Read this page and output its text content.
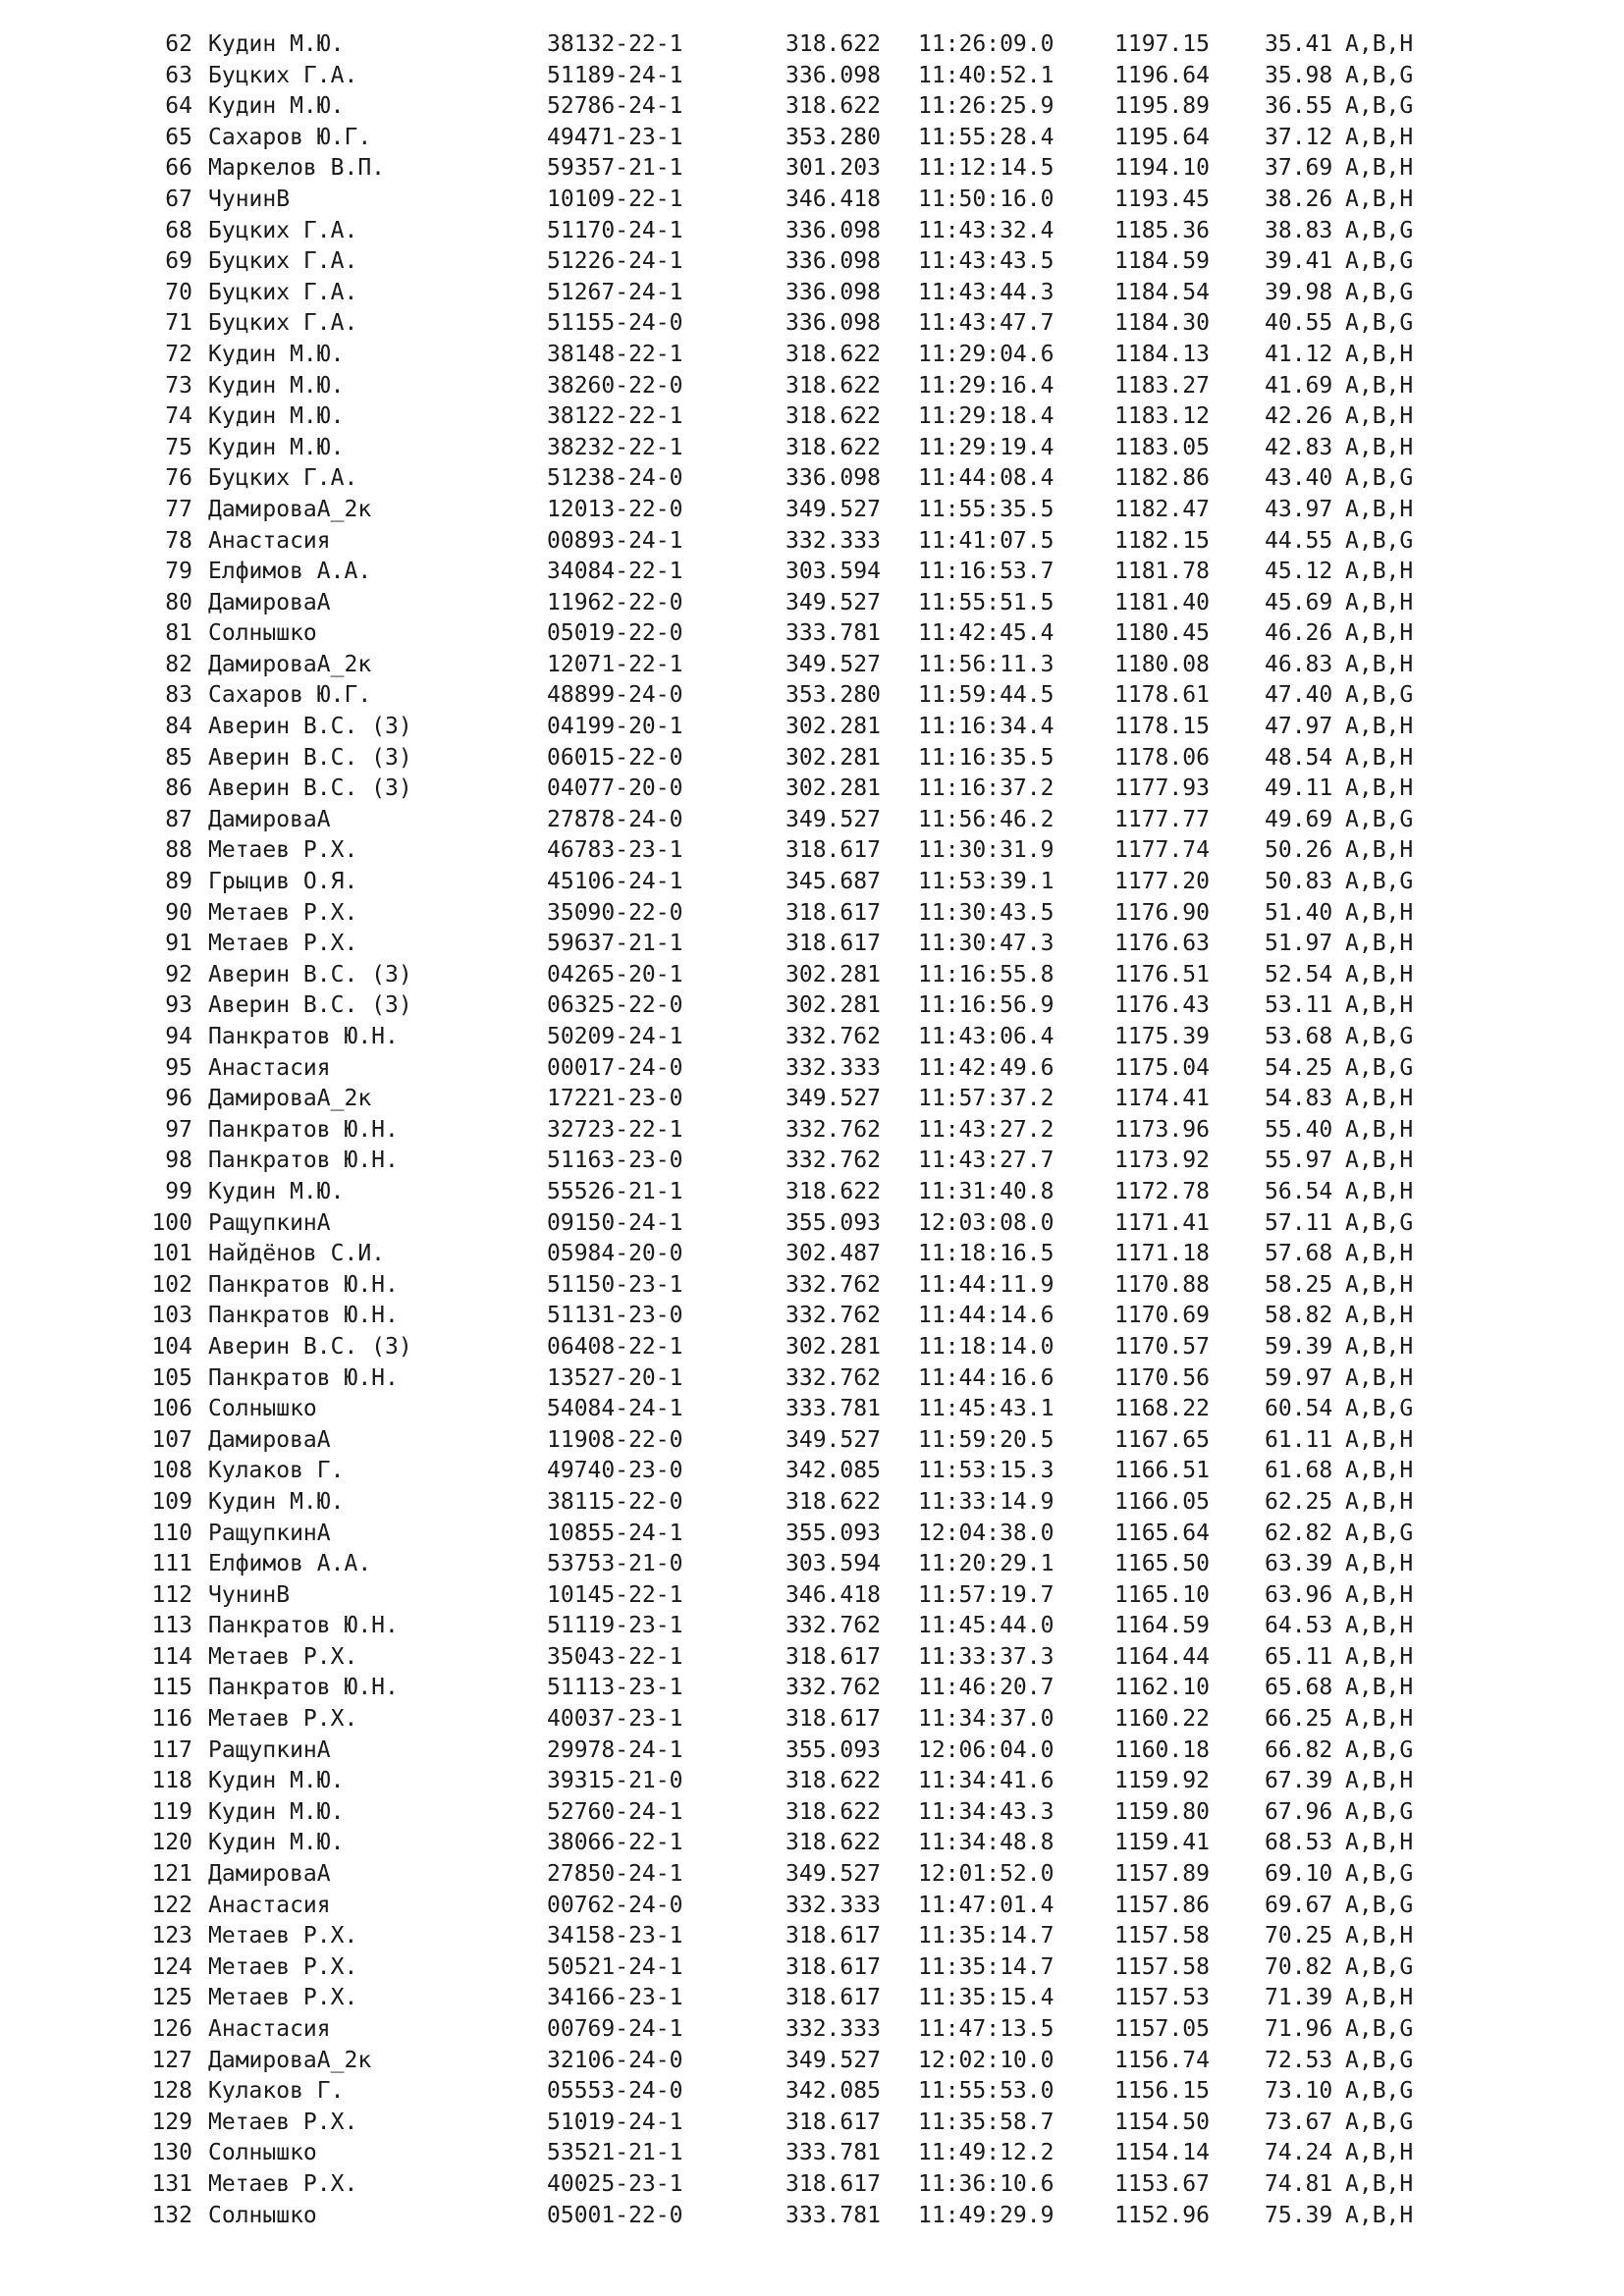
62 Кудин М.Ю.	38132-22-1	318.622 11:26:09.0	1197.15 35.41 A,B,H
63 Буцких Г.А.	51189-24-1	336.098 11:40:52.1	1196.64 35.98 A,B,G
64 Кудин М.Ю.	52786-24-1	318.622 11:26:25.9	1195.89 36.55 A,B,G
65 Сахаров Ю.Г.	49471-23-1	353.280 11:55:28.4	1195.64 37.12 A,B,H
66 Маркелов В.П.	59357-21-1	301.203 11:12:14.5	1194.10 37.69 A,B,H
67 ЧунинВ	10109-22-1	346.418 11:50:16.0	1193.45 38.26 A,B,H
68 Буцких Г.А.	51170-24-1	336.098 11:43:32.4	1185.36 38.83 A,B,G
69 Буцких Г.А.	51226-24-1	336.098 11:43:43.5	1184.59 39.41 A,B,G
70 Буцких Г.А.	51267-24-1	336.098 11:43:44.3	1184.54 39.98 A,B,G
71 Буцких Г.А.	51155-24-0	336.098 11:43:47.7	1184.30 40.55 A,B,G
72 Кудин М.Ю.	38148-22-1	318.622 11:29:04.6	1184.13 41.12 A,B,H
73 Кудин М.Ю.	38260-22-0	318.622 11:29:16.4	1183.27 41.69 A,B,H
74 Кудин М.Ю.	38122-22-1	318.622 11:29:18.4	1183.12 42.26 A,B,H
75 Кудин М.Ю.	38232-22-1	318.622 11:29:19.4	1183.05 42.83 A,B,H
76 Буцких Г.А.	51238-24-0	336.098 11:44:08.4	1182.86 43.40 A,B,G
77 ДамироваА_2к	12013-22-0	349.527 11:55:35.5	1182.47 43.97 A,B,H
78 Анастасия	00893-24-1	332.333 11:41:07.5	1182.15 44.55 A,B,G
79 Елфимов А.А.	34084-22-1	303.594 11:16:53.7	1181.78 45.12 A,B,H
80 ДамироваА	11962-22-0	349.527 11:55:51.5	1181.40 45.69 A,B,H
81 Солнышко	05019-22-0	333.781 11:42:45.4	1180.45 46.26 A,B,H
82 ДамироваА_2к	12071-22-1	349.527 11:56:11.3	1180.08 46.83 A,B,H
83 Сахаров Ю.Г.	48899-24-0	353.280 11:59:44.5	1178.61 47.40 A,B,G
84 Аверин В.С. (З)	04199-20-1	302.281 11:16:34.4	1178.15 47.97 A,B,H
85 Аверин В.С. (З)	06015-22-0	302.281 11:16:35.5	1178.06 48.54 A,B,H
86 Аверин В.С. (З)	04077-20-0	302.281 11:16:37.2	1177.93 49.11 A,B,H
87 ДамироваА	27878-24-0	349.527 11:56:46.2	1177.77 49.69 A,B,G
88 Метаев Р.Х.	46783-23-1	318.617 11:30:31.9	1177.74 50.26 A,B,H
89 Грыцив О.Я.	45106-24-1	345.687 11:53:39.1	1177.20 50.83 A,B,G
90 Метаев Р.Х.	35090-22-0	318.617 11:30:43.5	1176.90 51.40 A,B,H
91 Метаев Р.Х.	59637-21-1	318.617 11:30:47.3	1176.63 51.97 A,B,H
92 Аверин В.С. (З)	04265-20-1	302.281 11:16:55.8	1176.51 52.54 A,B,H
93 Аверин В.С. (З)	06325-22-0	302.281 11:16:56.9	1176.43 53.11 A,B,H
94 Панкратов Ю.Н.	50209-24-1	332.762 11:43:06.4	1175.39 53.68 A,B,G
95 Анастасия	00017-24-0	332.333 11:42:49.6	1175.04 54.25 A,B,G
96 ДамироваА_2к	17221-23-0	349.527 11:57:37.2	1174.41 54.83 A,B,H
97 Панкратов Ю.Н.	32723-22-1	332.762 11:43:27.2	1173.96 55.40 A,B,H
98 Панкратов Ю.Н.	51163-23-0	332.762 11:43:27.7	1173.92 55.97 A,B,H
99 Кудин М.Ю.	55526-21-1	318.622 11:31:40.8	1172.78 56.54 A,B,H
100 РащупкинА	09150-24-1	355.093 12:03:08.0	1171.41 57.11 A,B,G
101 Найдёнов С.И.	05984-20-0	302.487 11:18:16.5	1171.18 57.68 A,B,H
102 Панкратов Ю.Н.	51150-23-1	332.762 11:44:11.9	1170.88 58.25 A,B,H
103 Панкратов Ю.Н.	51131-23-0	332.762 11:44:14.6	1170.69 58.82 A,B,H
104 Аверин В.С. (З)	06408-22-1	302.281 11:18:14.0	1170.57 59.39 A,B,H
105 Панкратов Ю.Н.	13527-20-1	332.762 11:44:16.6	1170.56 59.97 A,B,H
106 Солнышко	54084-24-1	333.781 11:45:43.1	1168.22 60.54 A,B,G
107 ДамироваА	11908-22-0	349.527 11:59:20.5	1167.65 61.11 A,B,H
108 Кулаков Г.	49740-23-0	342.085 11:53:15.3	1166.51 61.68 A,B,H
109 Кудин М.Ю.	38115-22-0	318.622 11:33:14.9	1166.05 62.25 A,B,H
110 РащупкинА	10855-24-1	355.093 12:04:38.0	1165.64 62.82 A,B,G
111 Елфимов А.А.	53753-21-0	303.594 11:20:29.1	1165.50 63.39 A,B,H
112 ЧунинВ	10145-22-1	346.418 11:57:19.7	1165.10 63.96 A,B,H
113 Панкратов Ю.Н.	51119-23-1	332.762 11:45:44.0	1164.59 64.53 A,B,H
114 Метаев Р.Х.	35043-22-1	318.617 11:33:37.3	1164.44 65.11 A,B,H
115 Панкратов Ю.Н.	51113-23-1	332.762 11:46:20.7	1162.10 65.68 A,B,H
116 Метаев Р.Х.	40037-23-1	318.617 11:34:37.0	1160.22 66.25 A,B,H
117 РащупкинА	29978-24-1	355.093 12:06:04.0	1160.18 66.82 A,B,G
118 Кудин М.Ю.	39315-21-0	318.622 11:34:41.6	1159.92 67.39 A,B,H
119 Кудин М.Ю.	52760-24-1	318.622 11:34:43.3	1159.80 67.96 A,B,G
120 Кудин М.Ю.	38066-22-1	318.622 11:34:48.8	1159.41 68.53 A,B,H
121 ДамироваА	27850-24-1	349.527 12:01:52.0	1157.89 69.10 A,B,G
122 Анастасия	00762-24-0	332.333 11:47:01.4	1157.86 69.67 A,B,G
123 Метаев Р.Х.	34158-23-1	318.617 11:35:14.7	1157.58 70.25 A,B,H
124 Метаев Р.Х.	50521-24-1	318.617 11:35:14.7	1157.58 70.82 A,B,G
125 Метаев Р.Х.	34166-23-1	318.617 11:35:15.4	1157.53 71.39 A,B,H
126 Анастасия	00769-24-1	332.333 11:47:13.5	1157.05 71.96 A,B,G
127 ДамироваА_2к	32106-24-0	349.527 12:02:10.0	1156.74 72.53 A,B,G
128 Кулаков Г.	05553-24-0	342.085 11:55:53.0	1156.15 73.10 A,B,G
129 Метаев Р.Х.	51019-24-1	318.617 11:35:58.7	1154.50 73.67 A,B,G
130 Солнышко	53521-21-1	333.781 11:49:12.2	1154.14 74.24 A,B,H
131 Метаев Р.Х.	40025-23-1	318.617 11:36:10.6	1153.67 74.81 A,B,H
132 Солнышко	05001-22-0	333.781 11:49:29.9	1152.96 75.39 A,B,H
